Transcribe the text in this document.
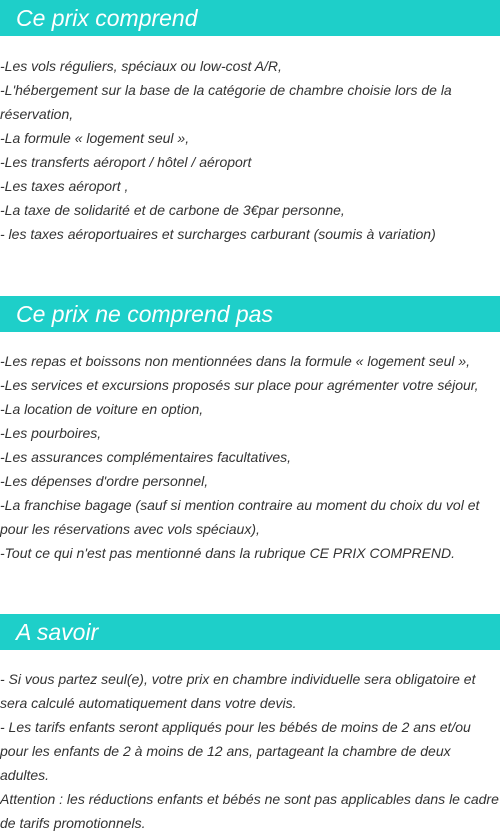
Ce prix comprend
-Les vols réguliers, spéciaux ou low-cost A/R,
-L'hébergement sur la base de la catégorie de chambre choisie lors de la réservation,
-La formule « logement seul »,
-Les transferts aéroport / hôtel / aéroport
-Les taxes aéroport ,
-La taxe de solidarité et de carbone de 3€par personne,
- les taxes aéroportuaires et surcharges carburant (soumis à variation)
Ce prix ne comprend pas
-Les repas et boissons non mentionnées dans la formule « logement seul »,
-Les services et excursions proposés sur place pour agrémenter votre séjour,
-La location de voiture en option,
-Les pourboires,
-Les assurances complémentaires facultatives,
-Les dépenses d'ordre personnel,
-La franchise bagage (sauf si mention contraire au moment du choix du vol et pour les réservations avec vols spéciaux),
-Tout ce qui n'est pas mentionné dans la rubrique CE PRIX COMPREND.
A savoir
- Si vous partez seul(e), votre prix en chambre individuelle sera obligatoire et sera calculé automatiquement dans votre devis.
- Les tarifs enfants seront appliqués pour les bébés de moins de 2 ans et/ou pour les enfants de 2 à moins de 12 ans, partageant la chambre de deux adultes.
Attention : les réductions enfants et bébés ne sont pas applicables dans le cadre de tarifs promotionnels.
